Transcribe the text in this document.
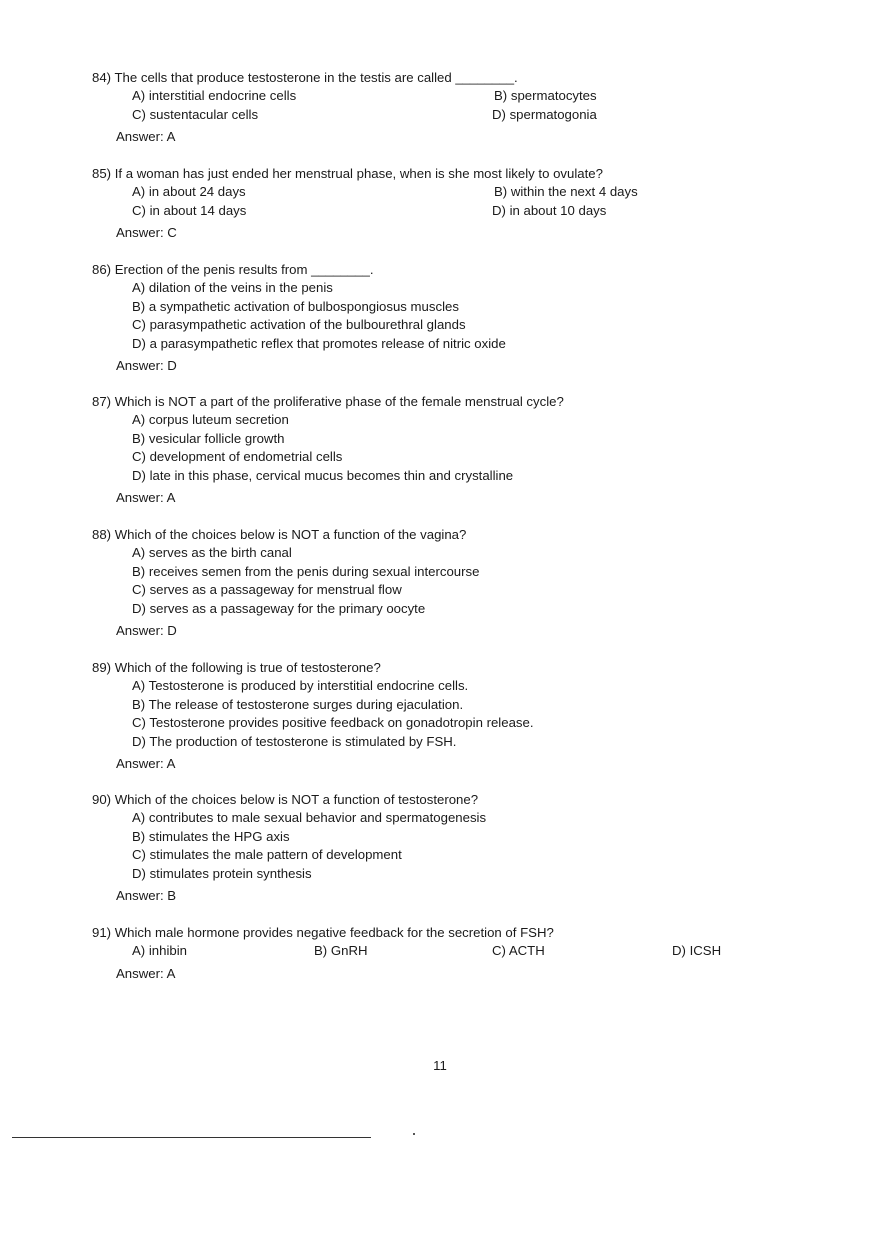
84) The cells that produce testosterone in the testis are called ________.
A) interstitial endocrine cells	B) spermatocytes
C) sustentacular cells	D) spermatogonia
Answer: A
85) If a woman has just ended her menstrual phase, when is she most likely to ovulate?
A) in about 24 days	B) within the next 4 days
C) in about 14 days	D) in about 10 days
Answer: C
86) Erection of the penis results from ________.
A) dilation of the veins in the penis
B) a sympathetic activation of bulbospongiosus muscles
C) parasympathetic activation of the bulbourethral glands
D) a parasympathetic reflex that promotes release of nitric oxide
Answer: D
87) Which is NOT a part of the proliferative phase of the female menstrual cycle?
A) corpus luteum secretion
B) vesicular follicle growth
C) development of endometrial cells
D) late in this phase, cervical mucus becomes thin and crystalline
Answer: A
88) Which of the choices below is NOT a function of the vagina?
A) serves as the birth canal
B) receives semen from the penis during sexual intercourse
C) serves as a passageway for menstrual flow
D) serves as a passageway for the primary oocyte
Answer: D
89) Which of the following is true of testosterone?
A) Testosterone is produced by interstitial endocrine cells.
B) The release of testosterone surges during ejaculation.
C) Testosterone provides positive feedback on gonadotropin release.
D) The production of testosterone is stimulated by FSH.
Answer: A
90) Which of the choices below is NOT a function of testosterone?
A) contributes to male sexual behavior and spermatogenesis
B) stimulates the HPG axis
C) stimulates the male pattern of development
D) stimulates protein synthesis
Answer: B
91) Which male hormone provides negative feedback for the secretion of FSH?
A) inhibin	B) GnRH	C) ACTH	D) ICSH
Answer: A
11
